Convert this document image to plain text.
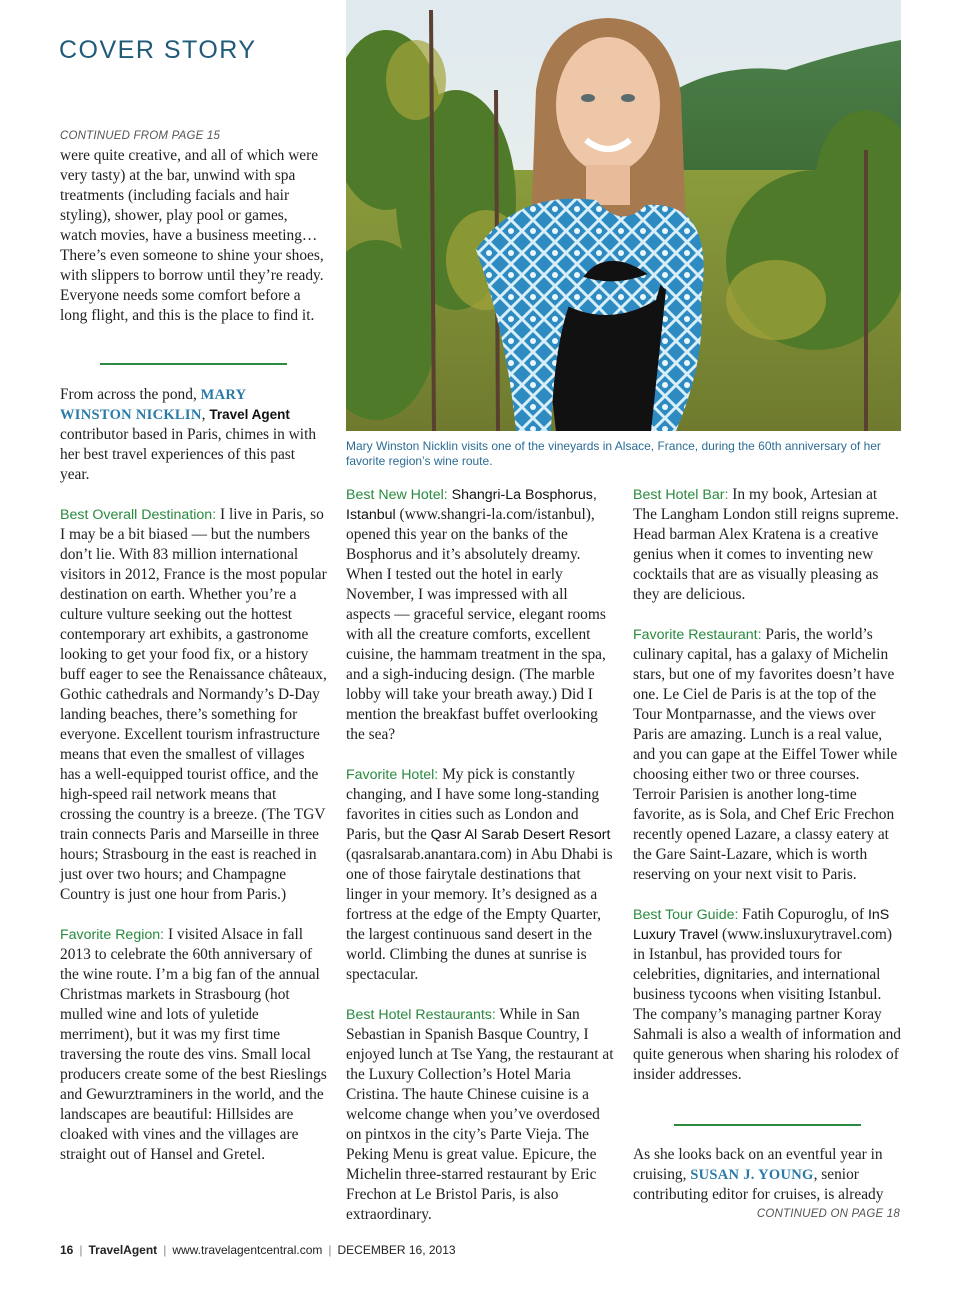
COVER STORY
Mary Winston Nicklin visits one of the vineyards in Alsace, France, during the 60th anniversary of her favorite region’s wine route.

CONTINUED FROM PAGE 15

were quite creative, and all of which were very tasty) at the bar, unwind with spa treatments (including facials and hair styling), shower, play pool or games, watch movies, have a business meeting…There’s even someone to shine your shoes, with slippers to borrow until they’re ready. Everyone needs some comfort before a long flight, and this is the place to find it.

From across the pond, MARY
WINSTON NICKLIN, Travel Agent contributor based in Paris, chimes in with her best travel experiences of this past year.

Best Overall Destination: I live in Paris, so I may be a bit biased — but the numbers don’t lie. With 83 million international visitors in 2012, France is the most popular destination on earth. Whether you’re a culture vulture seeking out the hottest contemporary art exhibits, a gastronome looking to get your food fix, or a history buff eager to see the Renaissance châteaux, Gothic cathedrals and Normandy’s D-Day landing beaches, there’s something for everyone. Excellent tourism infrastructure means that even the smallest of villages has a well-equipped tourist office, and the high-speed rail network means that crossing the country is a breeze. (The TGV train connects Paris and Marseille in three hours; Strasbourg in the east is reached in just over two hours; and Champagne Country is just one hour from Paris.)

Favorite Region: I visited Alsace in fall 2013 to celebrate the 60th anniversary of the wine route. I’m a big fan of the annual Christmas markets in Strasbourg (hot mulled wine and lots of yuletide merriment), but it was my first time traversing the route des vins. Small local producers create some of the best Rieslings and Gewurztraminers in the world, and the landscapes are beautiful: Hillsides are cloaked with vines and the villages are straight out of Hansel and Gretel.

Best New Hotel: Shangri-La Bosphorus, Istanbul (www.shangri-la.com/istanbul), opened this year on the banks of the Bosphorus and it’s absolutely dreamy. When I tested out the hotel in early November, I was impressed with all aspects — graceful service, elegant rooms with all the creature comforts, excellent cuisine, the hammam treatment in the spa, and a sigh-inducing design. (The marble lobby will take your breath away.) Did I mention the breakfast buffet overlooking the sea?

Favorite Hotel: My pick is constantly changing, and I have some long-standing favorites in cities such as London and Paris, but the Qasr Al Sarab Desert Resort (qasralsarab.anantara.com) in Abu Dhabi is one of those fairytale destinations that linger in your memory. It’s designed as a fortress at the edge of the Empty Quarter, the largest continuous sand desert in the world. Climbing the dunes at sunrise is spectacular.

Best Hotel Restaurants: While in San Sebastian in Spanish Basque Country, I enjoyed lunch at Tse Yang, the restaurant at the Luxury Collection’s Hotel Maria Cristina. The haute Chinese cuisine is a welcome change when you’ve overdosed on pintxos in the city’s Parte Vieja. The Peking Menu is great value. Epicure, the Michelin three-starred restaurant by Eric Frechon at Le Bristol Paris, is also extraordinary.

Best Hotel Bar: In my book, Artesian at The Langham London still reigns supreme. Head barman Alex Kratena is a creative genius when it comes to inventing new cocktails that are as visually pleasing as they are delicious.

Favorite Restaurant: Paris, the world’s culinary capital, has a galaxy of Michelin stars, but one of my favorites doesn’t have one. Le Ciel de Paris is at the top of the Tour Montparnasse, and the views over Paris are amazing. Lunch is a real value, and you can gape at the Eiffel Tower while choosing either two or three courses. Terroir Parisien is another long-time favorite, as is Sola, and Chef Eric Frechon recently opened Lazare, a classy eatery at the Gare Saint-Lazare, which is worth reserving on your next visit to Paris.

Best Tour Guide: Fatih Copuroglu, of InS Luxury Travel (www.insluxurytravel.com) in Istanbul, has provided tours for celebrities, dignitaries, and international business tycoons when visiting Istanbul. The company’s managing partner Koray Sahmali is also a wealth of information and quite generous when sharing his rolodex of insider addresses.

As she looks back on an eventful year in cruising, SUSAN J. YOUNG, senior contributing editor for cruises, is already

CONTINUED ON PAGE 18
16 | TravelAgent | www.travelagentcentral.com | DECEMBER 16, 2013
